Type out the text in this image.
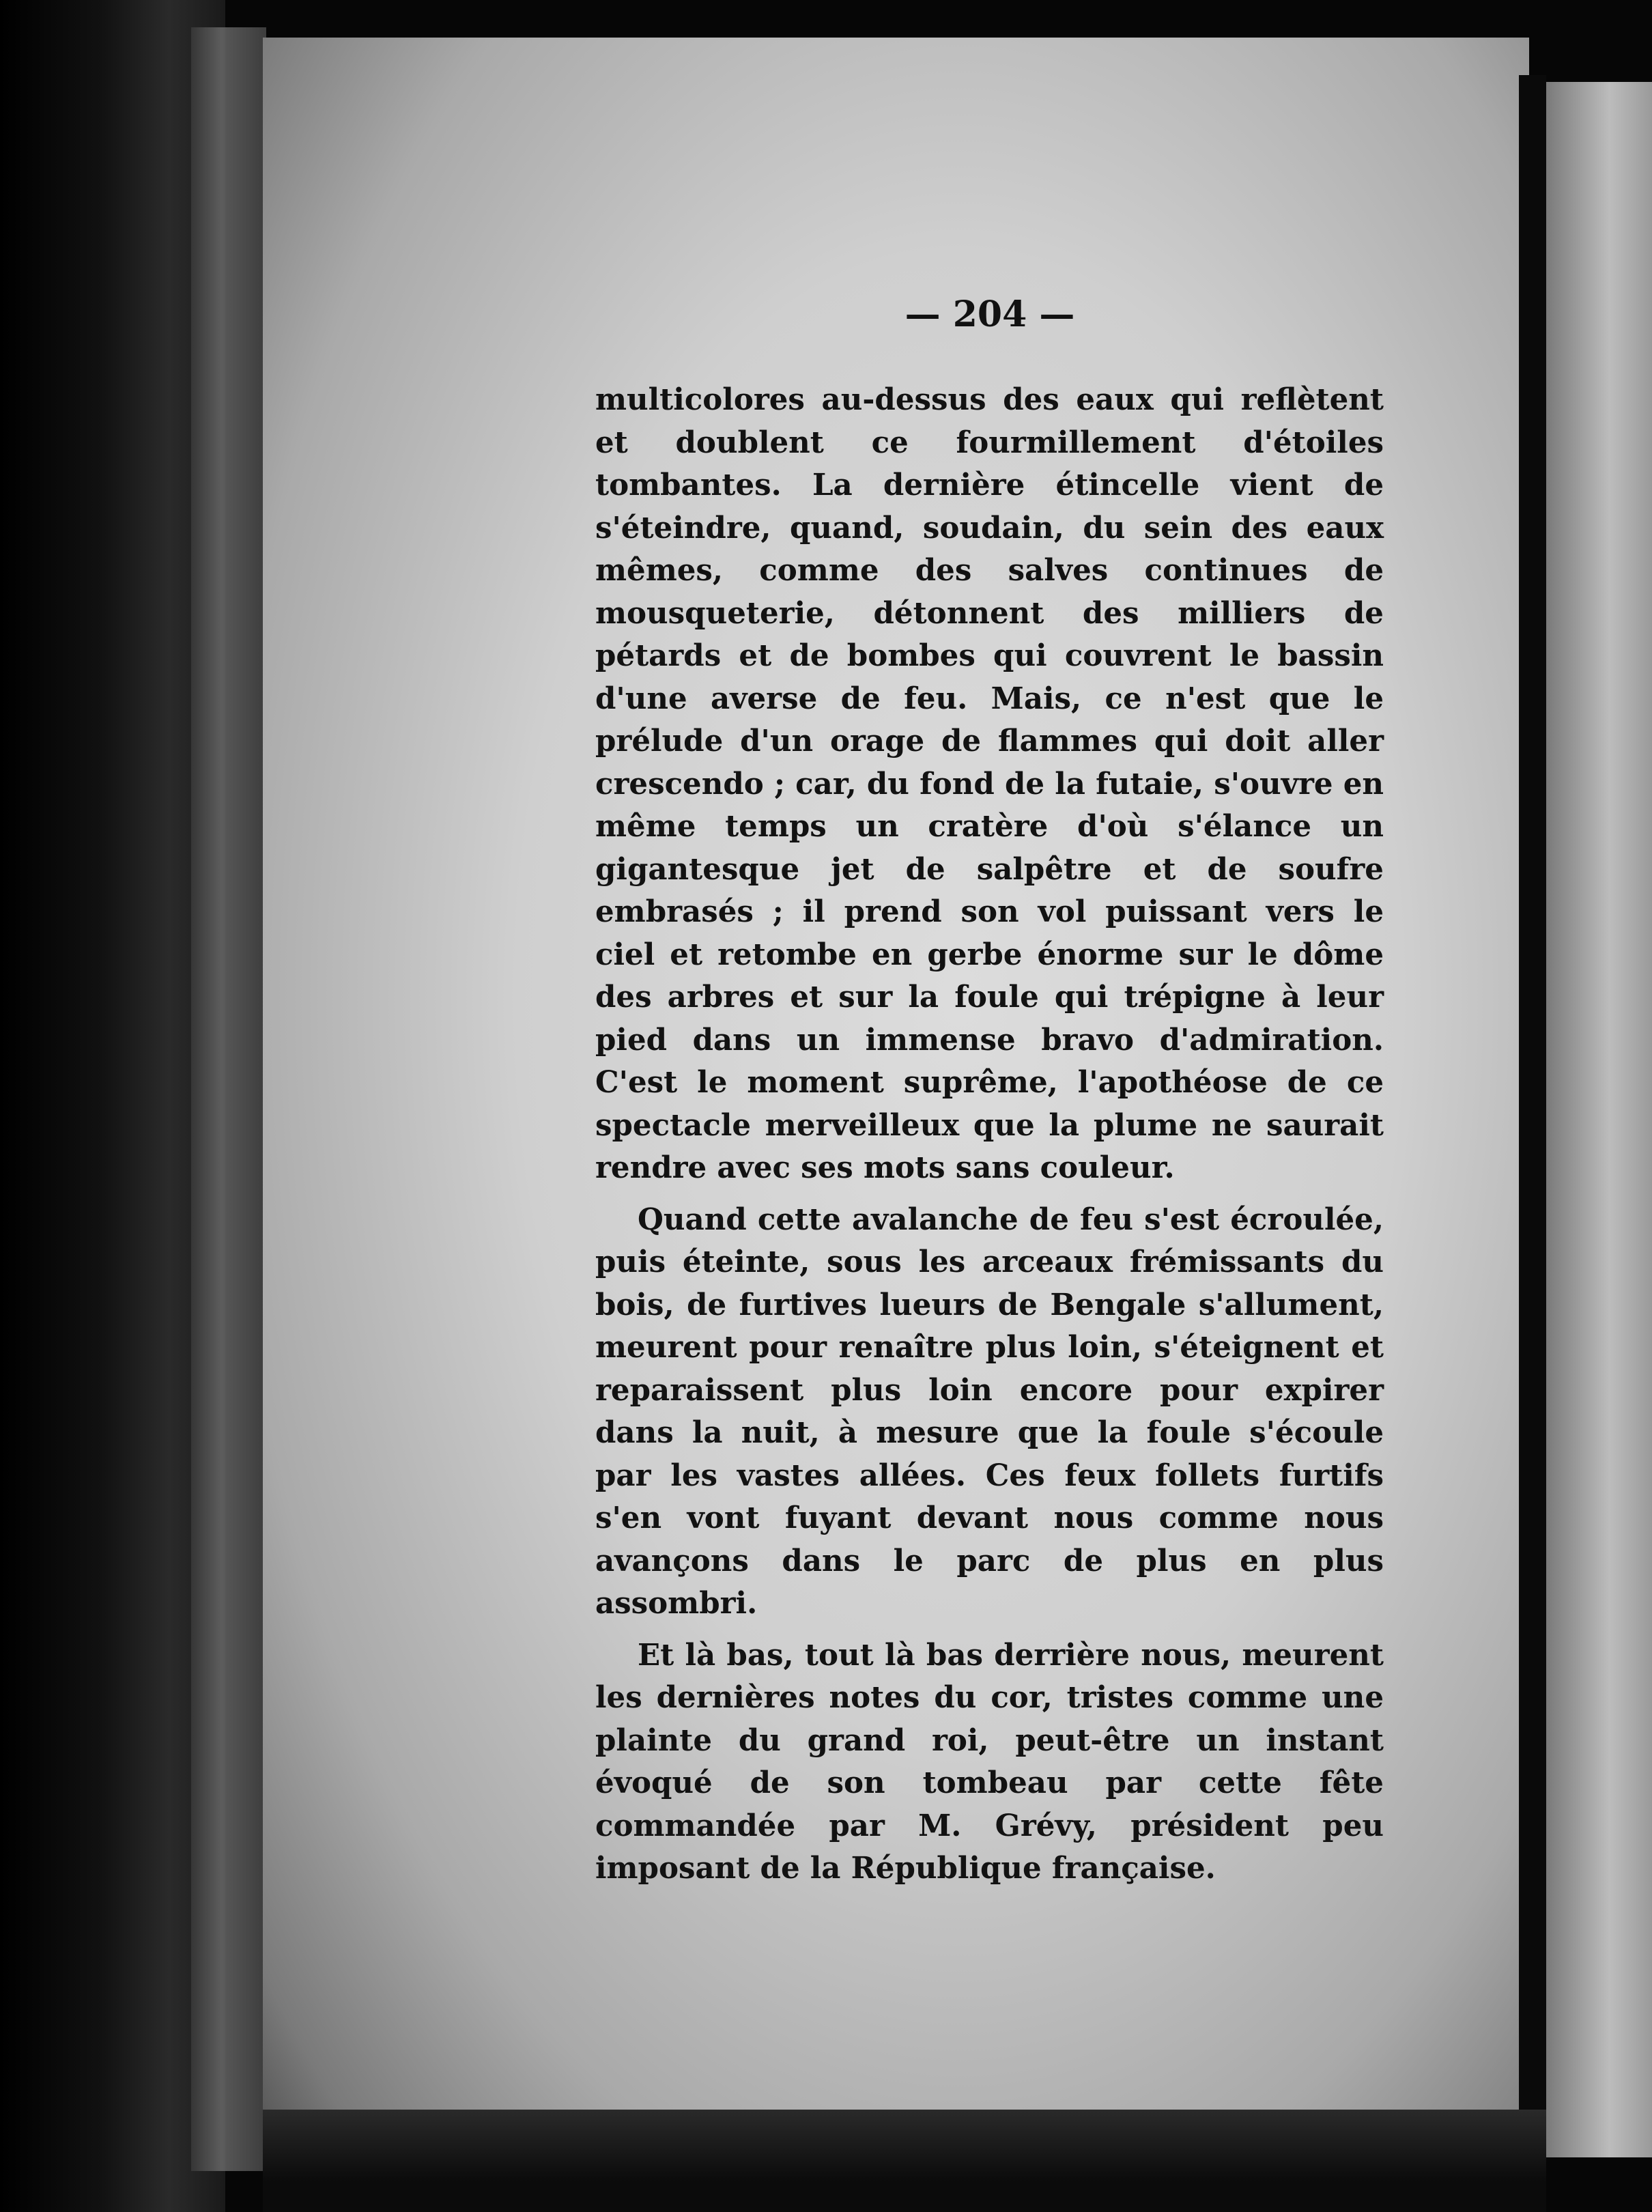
— 204 —

multicolores au-dessus des eaux qui reflètent et doublent ce fourmillement d'étoiles tombantes. La dernière étincelle vient de s'éteindre, quand, soudain, du sein des eaux mêmes, comme des salves continues de mousqueterie, détonnent des milliers de pétards et de bombes qui couvrent le bassin d'une averse de feu. Mais, ce n'est que le prélude d'un orage de flammes qui doit aller crescendo ; car, du fond de la futaie, s'ouvre en même temps un cratère d'où s'élance un gigantesque jet de salpêtre et de soufre embrasés ; il prend son vol puissant vers le ciel et retombe en gerbe énorme sur le dôme des arbres et sur la foule qui trépigne à leur pied dans un immense bravo d'admiration. C'est le moment suprême, l'apothéose de ce spectacle merveilleux que la plume ne saurait rendre avec ses mots sans couleur.

Quand cette avalanche de feu s'est écroulée, puis éteinte, sous les arceaux frémissants du bois, de furtives lueurs de Bengale s'allument, meurent pour renaître plus loin, s'éteignent et reparaissent plus loin encore pour expirer dans la nuit, à mesure que la foule s'écoule par les vastes allées. Ces feux follets furtifs s'en vont fuyant devant nous comme nous avançons dans le parc de plus en plus assombri.

Et là bas, tout là bas derrière nous, meurent les dernières notes du cor, tristes comme une plainte du grand roi, peut-être un instant évoqué de son tombeau par cette fête commandée par M. Grévy, président peu imposant de la République française.
